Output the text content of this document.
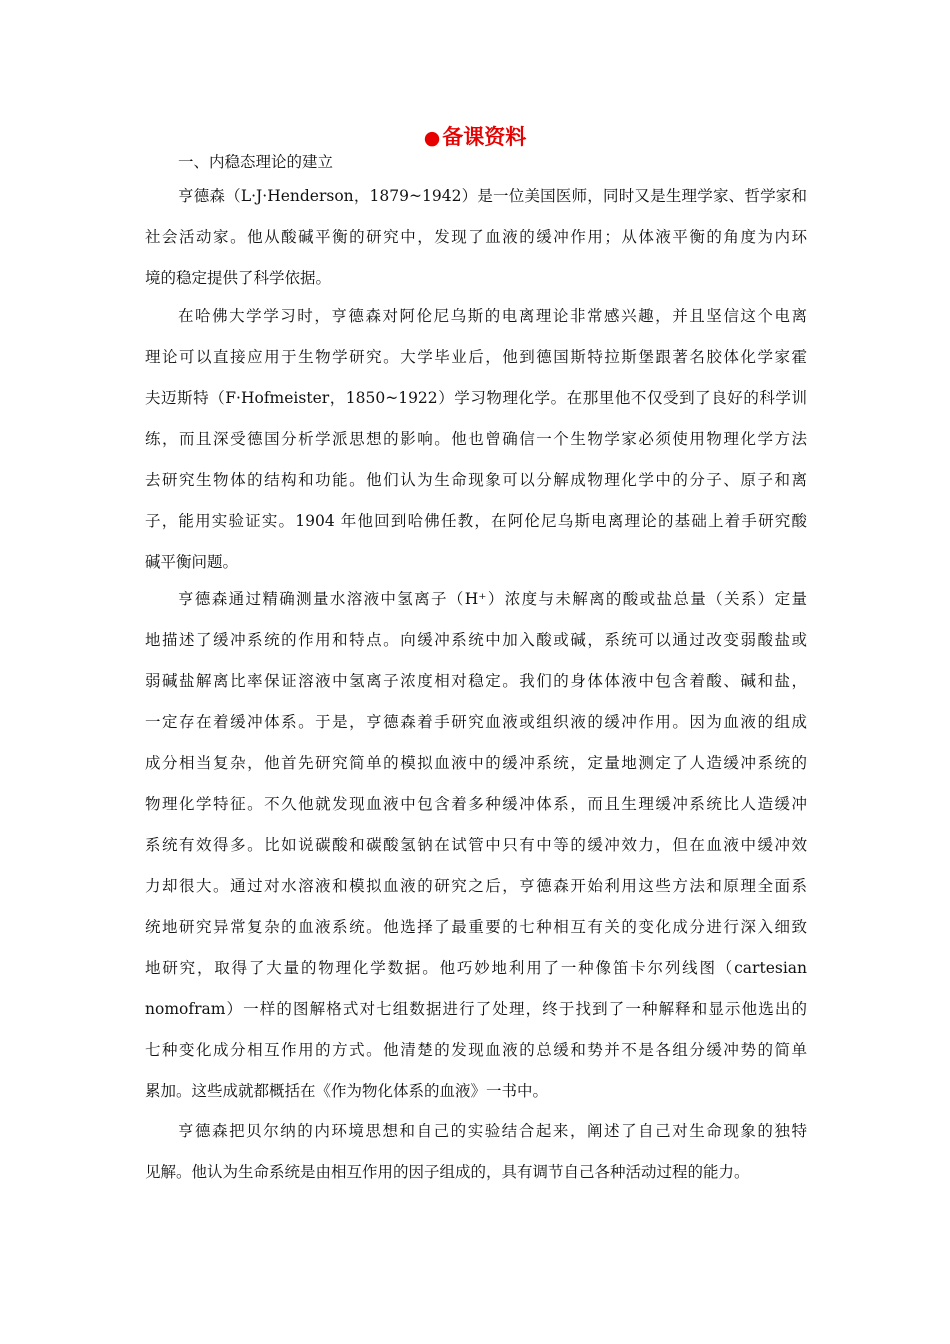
●备课资料
一、内稳态理论的建立
亨德森（L·J·Henderson，1879~1942）是一位美国医师，同时又是生理学家、哲学家和
社会活动家。他从酸碱平衡的研究中，发现了血液的缓冲作用；从体液平衡的角度为内环
境的稳定提供了科学依据。
在哈佛大学学习时，亨德森对阿伦尼乌斯的电离理论非常感兴趣，并且坚信这个电离
理论可以直接应用于生物学研究。大学毕业后，他到德国斯特拉斯堡跟著名胶体化学家霍
夫迈斯特（F·Hofmeister，1850~1922）学习物理化学。在那里他不仅受到了良好的科学训
练，而且深受德国分析学派思想的影响。他也曾确信一个生物学家必须使用物理化学方法
去研究生物体的结构和功能。他们认为生命现象可以分解成物理化学中的分子、原子和离
子，能用实验证实。1904 年他回到哈佛任教，在阿伦尼乌斯电离理论的基础上着手研究酸
碱平衡问题。
亨德森通过精确测量水溶液中氢离子（H⁺）浓度与未解离的酸或盐总量（关系）定量
地描述了缓冲系统的作用和特点。向缓冲系统中加入酸或碱，系统可以通过改变弱酸盐或
弱碱盐解离比率保证溶液中氢离子浓度相对稳定。我们的身体体液中包含着酸、碱和盐，
一定存在着缓冲体系。于是，亨德森着手研究血液或组织液的缓冲作用。因为血液的组成
成分相当复杂，他首先研究简单的模拟血液中的缓冲系统，定量地测定了人造缓冲系统的
物理化学特征。不久他就发现血液中包含着多种缓冲体系，而且生理缓冲系统比人造缓冲
系统有效得多。比如说碳酸和碳酸氢钠在试管中只有中等的缓冲效力，但在血液中缓冲效
力却很大。通过对水溶液和模拟血液的研究之后，亨德森开始利用这些方法和原理全面系
统地研究异常复杂的血液系统。他选择了最重要的七种相互有关的变化成分进行深入细致
地研究，取得了大量的物理化学数据。他巧妙地利用了一种像笛卡尔列线图（cartesian
nomofram）一样的图解格式对七组数据进行了处理，终于找到了一种解释和显示他选出的
七种变化成分相互作用的方式。他清楚的发现血液的总缓和势并不是各组分缓冲势的简单
累加。这些成就都概括在《作为物化体系的血液》一书中。
亨德森把贝尔纳的内环境思想和自己的实验结合起来，阐述了自己对生命现象的独特
见解。他认为生命系统是由相互作用的因子组成的，具有调节自己各种活动过程的能力。
